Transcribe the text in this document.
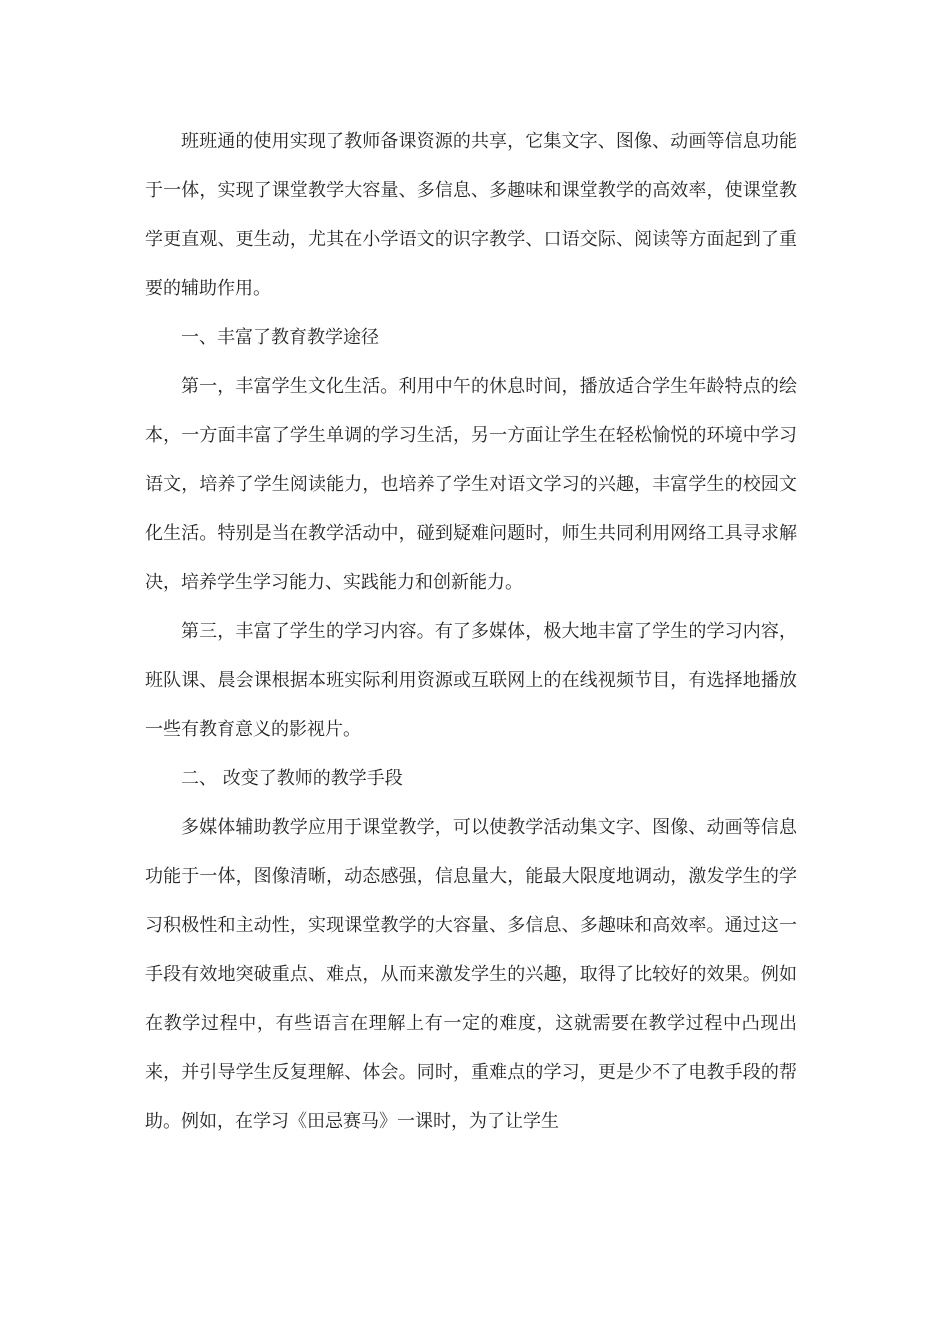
班班通的使用实现了教师备课资源的共享，它集文字、图像、动画等信息功能于一体，实现了课堂教学大容量、多信息、多趣味和课堂教学的高效率，使课堂教学更直观、更生动，尤其在小学语文的识字教学、口语交际、阅读等方面起到了重要的辅助作用。

一、丰富了教育教学途径

第一，丰富学生文化生活。利用中午的休息时间，播放适合学生年龄特点的绘本，一方面丰富了学生单调的学习生活，另一方面让学生在轻松愉悦的环境中学习语文，培养了学生阅读能力，也培养了学生对语文学习的兴趣，丰富学生的校园文化生活。特别是当在教学活动中，碰到疑难问题时，师生共同利用网络工具寻求解决，培养学生学习能力、实践能力和创新能力。

第三，丰富了学生的学习内容。有了多媒体，极大地丰富了学生的学习内容，班队课、晨会课根据本班实际利用资源或互联网上的在线视频节目，有选择地播放一些有教育意义的影视片。

二、 改变了教师的教学手段

多媒体辅助教学应用于课堂教学，可以使教学活动集文字、图像、动画等信息功能于一体，图像清晰，动态感强，信息量大，能最大限度地调动，激发学生的学习积极性和主动性，实现课堂教学的大容量、多信息、多趣味和高效率。通过这一手段有效地突破重点、难点，从而来激发学生的兴趣，取得了比较好的效果。例如在教学过程中，有些语言在理解上有一定的难度，这就需要在教学过程中凸现出来，并引导学生反复理解、体会。同时，重难点的学习，更是少不了电教手段的帮助。例如，在学习《田忌赛马》一课时，为了让学生
